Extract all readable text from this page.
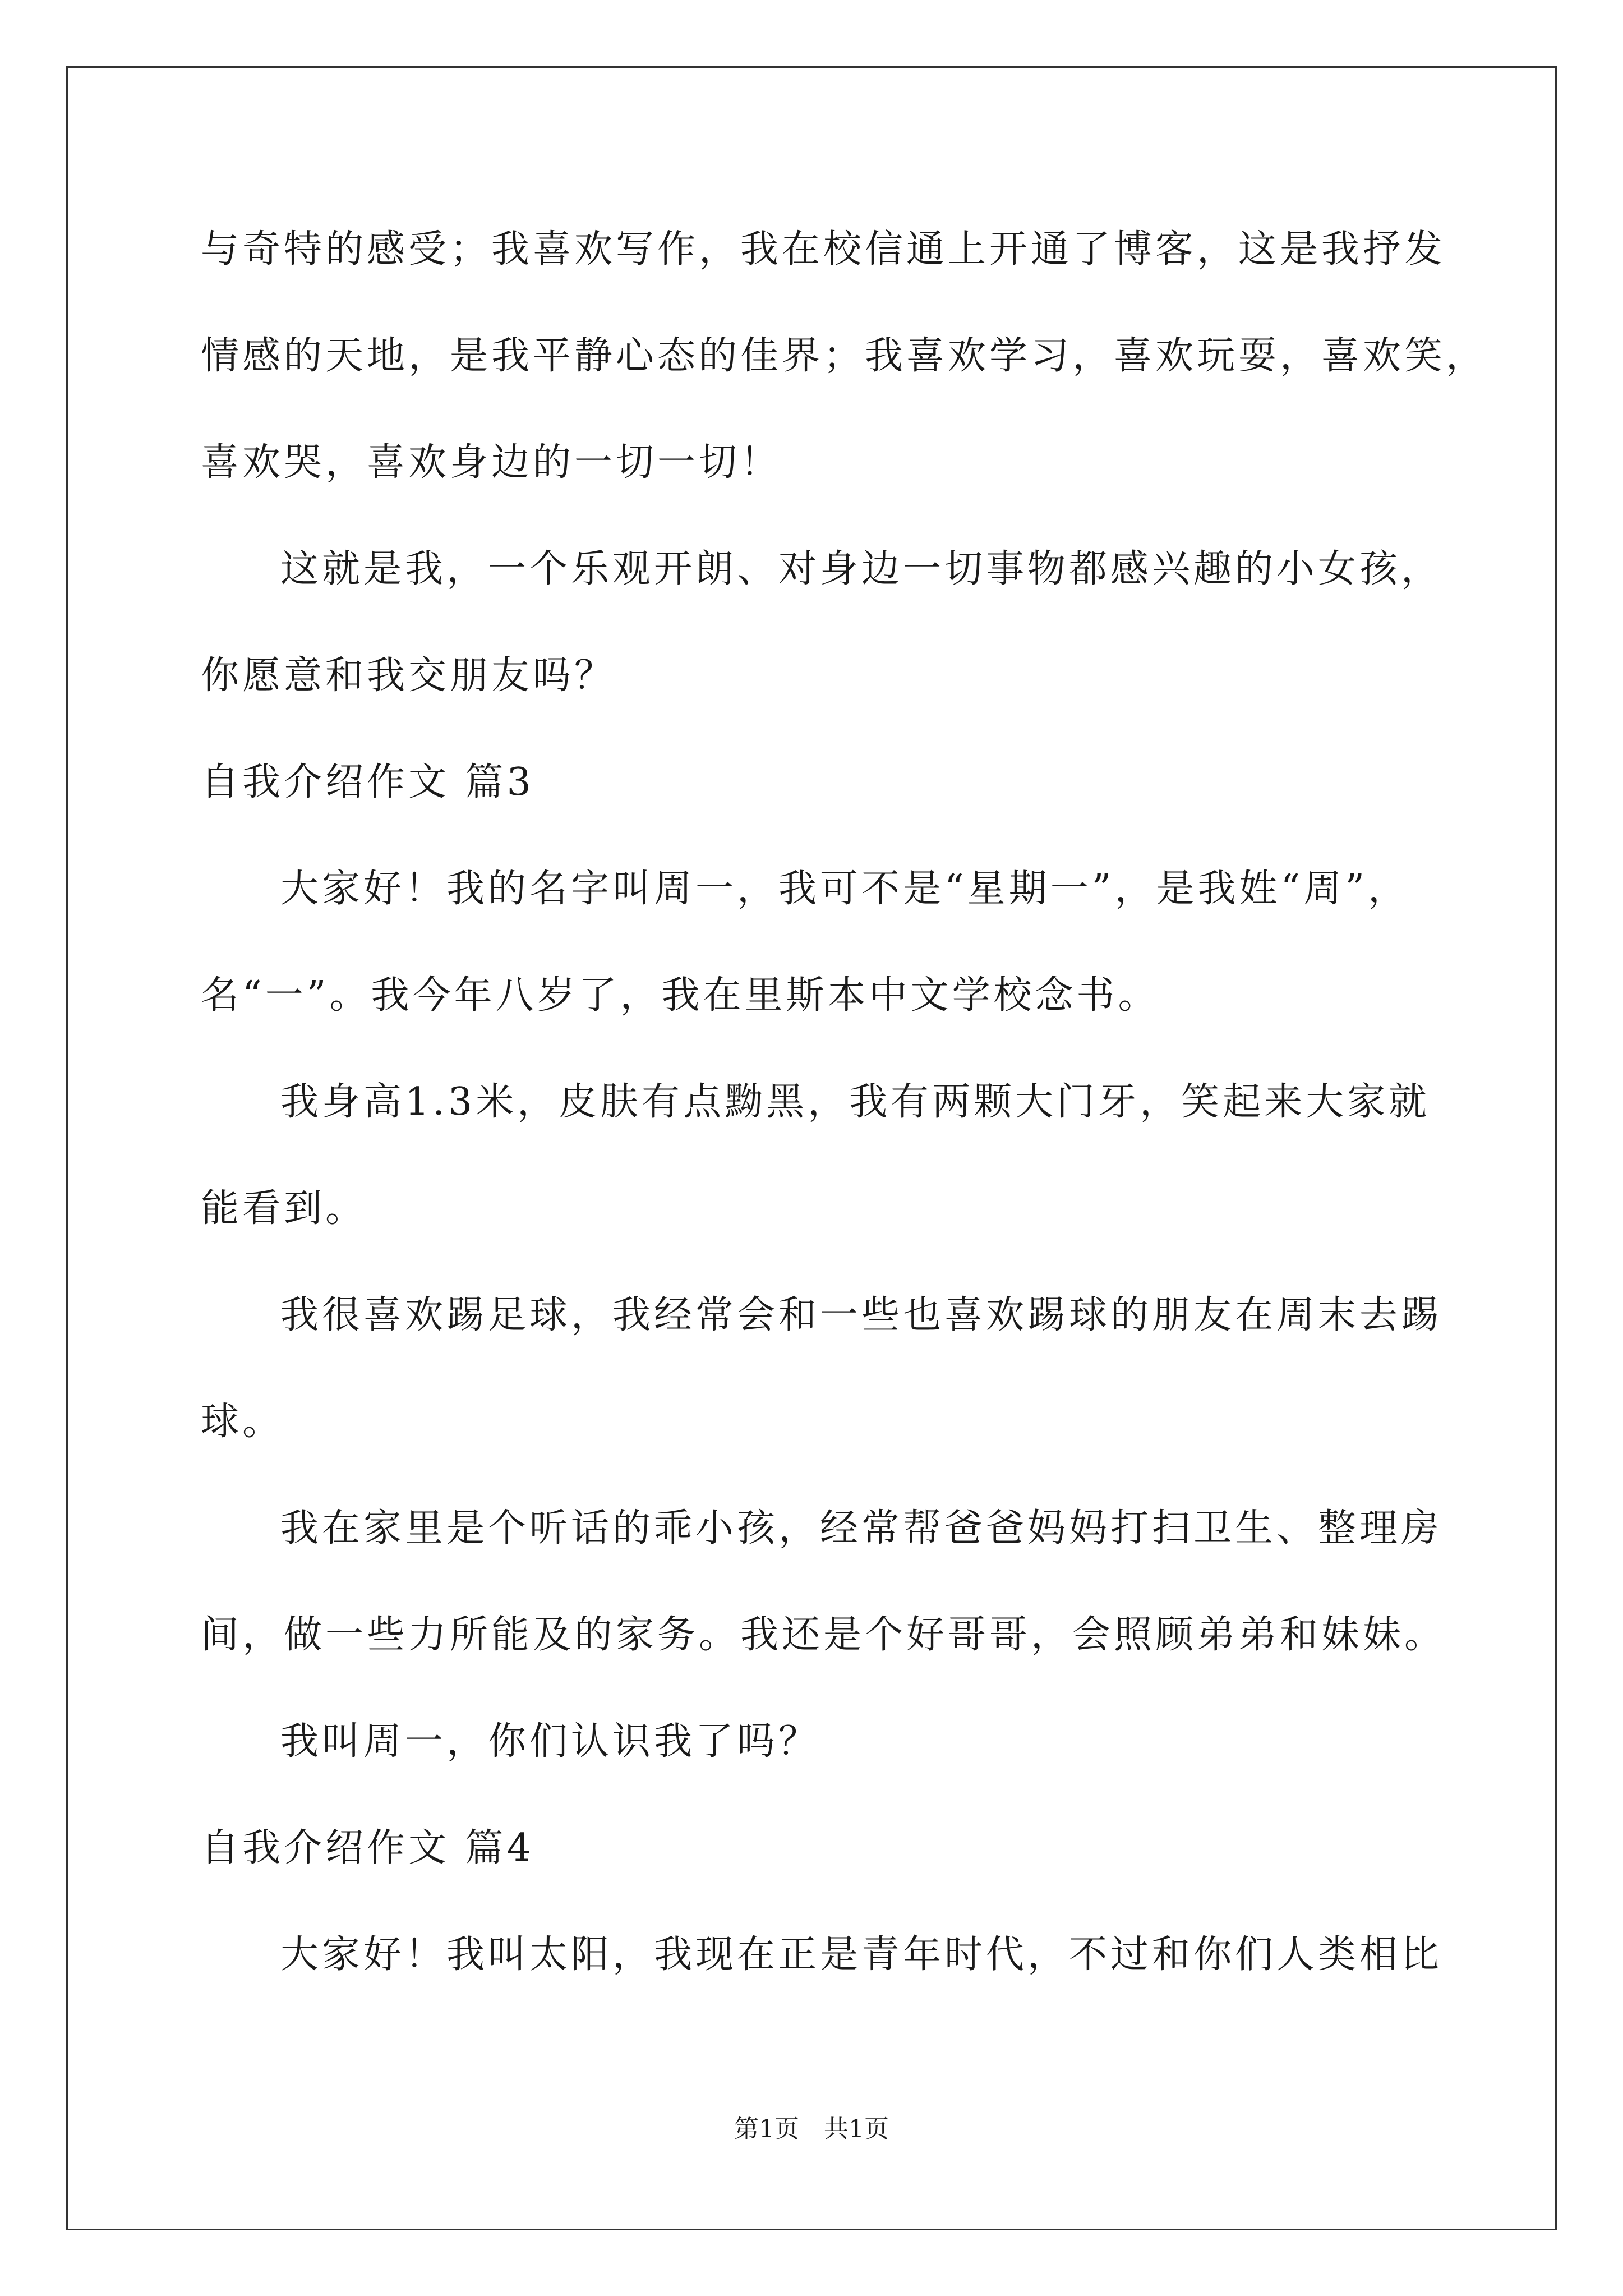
与奇特的感受；我喜欢写作，我在校信通上开通了博客，这是我抒发

情感的天地，是我平静心态的佳界；我喜欢学习，喜欢玩耍，喜欢笑，

喜欢哭，喜欢身边的一切一切！

这就是我，一个乐观开朗、对身边一切事物都感兴趣的小女孩，

你愿意和我交朋友吗？

自我介绍作文 篇3

大家好！我的名字叫周一，我可不是“星期一”，是我姓“周”，

名“一”。我今年八岁了，我在里斯本中文学校念书。

我身高1.3米，皮肤有点黝黑，我有两颗大门牙，笑起来大家就

能看到。

我很喜欢踢足球，我经常会和一些也喜欢踢球的朋友在周末去踢

球。

我在家里是个听话的乖小孩，经常帮爸爸妈妈打扫卫生、整理房

间，做一些力所能及的家务。我还是个好哥哥，会照顾弟弟和妹妹。

我叫周一，你们认识我了吗？

自我介绍作文 篇4

大家好！我叫太阳，我现在正是青年时代，不过和你们人类相比

第1页　共1页
